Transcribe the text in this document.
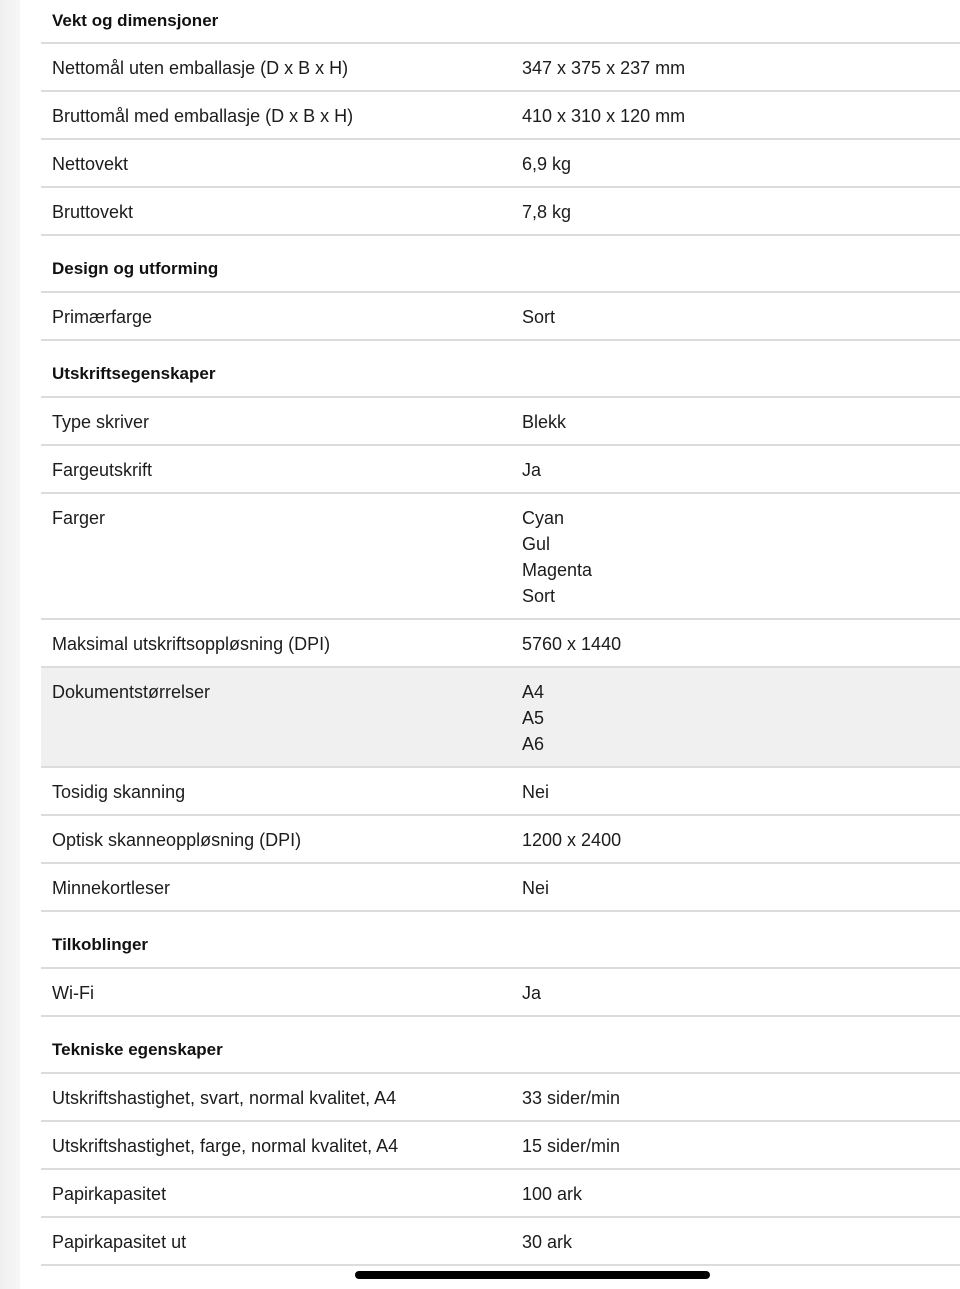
Vekt og dimensjoner
Nettomål uten emballasje (D x B x H)	347 x 375 x 237 mm
Bruttomål med emballasje (D x B x H)	410 x 310 x 120 mm
Nettovekt	6,9 kg
Bruttovekt	7,8 kg
Design og utforming
Primærfarge	Sort
Utskriftsegenskaper
Type skriver	Blekk
Fargeutskrift	Ja
Farger	Cyan
Gul
Magenta
Sort
Maksimal utskriftsoppløsning (DPI)	5760 x 1440
Dokumentstørrelser	A4
A5
A6
Tosidig skanning	Nei
Optisk skanneoppløsning (DPI)	1200 x 2400
Minnekortleser	Nei
Tilkoblinger
Wi-Fi	Ja
Tekniske egenskaper
Utskriftshastighet, svart, normal kvalitet, A4	33 sider/min
Utskriftshastighet, farge, normal kvalitet, A4	15 sider/min
Papirkapasitet	100 ark
Papirkapasitet ut	30 ark
